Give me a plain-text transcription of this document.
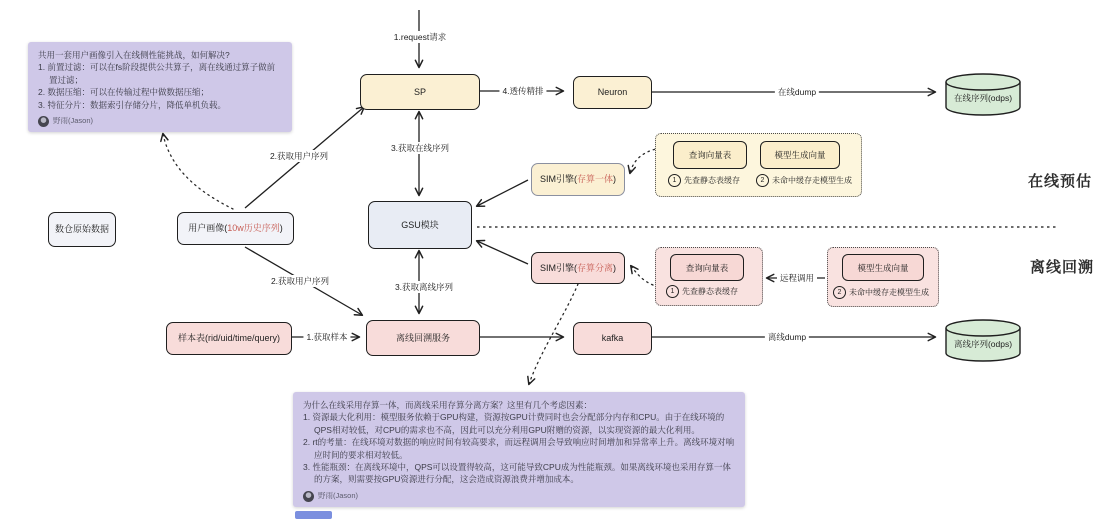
共用一套用户画像引入在线侧性能挑战，如何解决?
1. 前置过滤：可以在fs阶段提供公共算子，离在线通过算子做前置过滤；
2. 数据压缩：可以在传输过程中做数据压缩；
3. 特征分片：数据索引存储分片，降低单机负载。
野雨(Jason)
为什么在线采用存算一体，而离线采用存算分离方案？这里有几个考虑因素：
1. 资源最大化利用：模型服务依赖于GPU构建，资源按GPU计费同时也会分配部分内存和CPU。由于在线环境的QPS相对较低，对CPU的需求也不高，因此可以充分利用GPU附赠的资源，以实现资源的最大化利用。
2. rt的考量：在线环境对数据的响应时间有较高要求，而远程调用会导致响应时间增加和异常率上升。离线环境对响应时间的要求相对较低。
3. 性能瓶颈：在离线环境中，QPS可以设置得较高，这可能导致CPU成为性能瓶颈。如果离线环境也采用存算一体的方案，则需要按GPU资源进行分配，这会造成资源浪费并增加成本。
野雨(Jason)
在线预估
离线回溯
SP	Neuron
在线序列(odps)
数仓原始数据	用户画像(10w历史序列)	GSU模块
SIM引擎(存算一体)
SIM引擎(存算分离)
查询向量表	模型生成向量
1 先查静态表缓存	2 未命中缓存走模型生成
查询向量表
1 先查静态表缓存
模型生成向量
2 未命中缓存走模型生成
样本表(rid/uid/time/query)	离线回溯服务	kafka
离线序列(odps)
1.request请求
4.透传精排	在线dump
2.获取用户序列
3.获取在线序列
2.获取用户序列
3.获取离线序列
1.获取样本	离线dump
远程调用
